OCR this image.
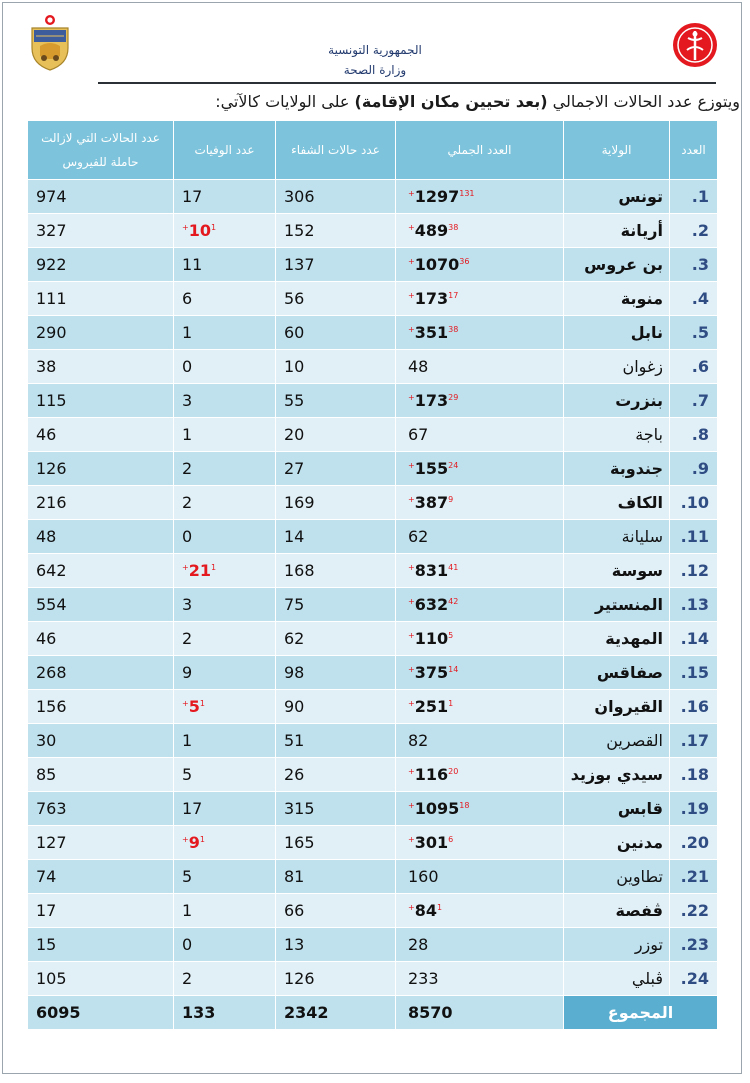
الجمهورية التونسية
وزارة الصحة
ويتوزع عدد الحالات الاجمالي (بعد تحيين مكان الإقامة) على الولايات كالآتي:
العدد	الولاية	العدد الجملي	عدد حالات الشفاء	عدد الوفيات	عدد الحالات التي لازالت حاملة للفيروس
1.	تونس	$1297^{131+}$	306	17	974
2.	أريانة	$489^{38+}$	152	$10^{1+}$	327
3.	بن عروس	$1070^{36+}$	137	11	922
4.	منوبة	$173^{17+}$	56	6	111
5.	نابل	$351^{38+}$	60	1	290
6.	زغوان	48	10	0	38
7.	بنزرت	$173^{29+}$	55	3	115
8.	باجة	67	20	1	46
9.	جندوبة	$155^{24+}$	27	2	126
10.	الكاف	$387^{9+}$	169	2	216
11.	سليانة	62	14	0	48
12.	سوسة	$831^{41+}$	168	$21^{1+}$	642
13.	المنستير	$632^{42+}$	75	3	554
14.	المهدية	$110^{5+}$	62	2	46
15.	صفاقس	$375^{14+}$	98	9	268
16.	القيروان	$251^{1+}$	90	$5^{1+}$	156
17.	القصرين	82	51	1	30
18.	سيدي بوزيد	$116^{20+}$	26	5	85
19.	قابس	$1095^{18+}$	315	17	763
20.	مدنين	$301^{6+}$	165	$9^{1+}$	127
21.	تطاوين	160	81	5	74
22.	ڨفصة	$84^{1+}$	66	1	17
23.	توزر	28	13	0	15
24.	ڨبلي	233	126	2	105
المجموع		8570	2342	133	6095
